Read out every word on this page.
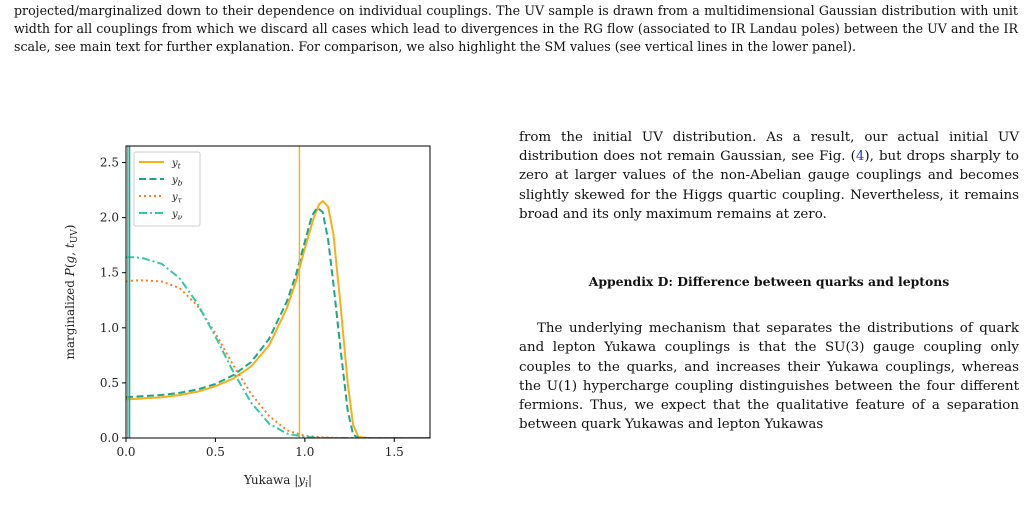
projected/marginalized down to their dependence on individual couplings. The UV sample is drawn from a multidimensional Gaussian distribution with unit width for all couplings from which we discard all cases which lead to divergences in the RG flow (associated to IR Landau poles) between the UV and the IR scale, see main text for further explanation. For comparison, we also highlight the SM values (see vertical lines in the lower panel).

0.0	0.5	1.0	1.5
0.0
0.5
1.0
1.5
2.0
2.5
Yukawa $|y_i|$
marginalized P(g, $t_{UV}$)
$y_t$
$y_b$
$y_\tau$
$y_\nu$

from the initial UV distribution. As a result, our actual initial UV distribution does not remain Gaussian, see Fig. (4), but drops sharply to zero at larger values of the non-Abelian gauge couplings and becomes slightly skewed for the Higgs quartic coupling. Nevertheless, it remains broad and its only maximum remains at zero.

Appendix D: Difference between quarks and leptons

The underlying mechanism that separates the distributions of quark and lepton Yukawa couplings is that the SU(3) gauge coupling only couples to the quarks, and increases their Yukawa couplings, whereas the U(1) hypercharge coupling distinguishes between the four different fermions. Thus, we expect that the qualitative feature of a separation between quark Yukawas and lepton Yukawas
